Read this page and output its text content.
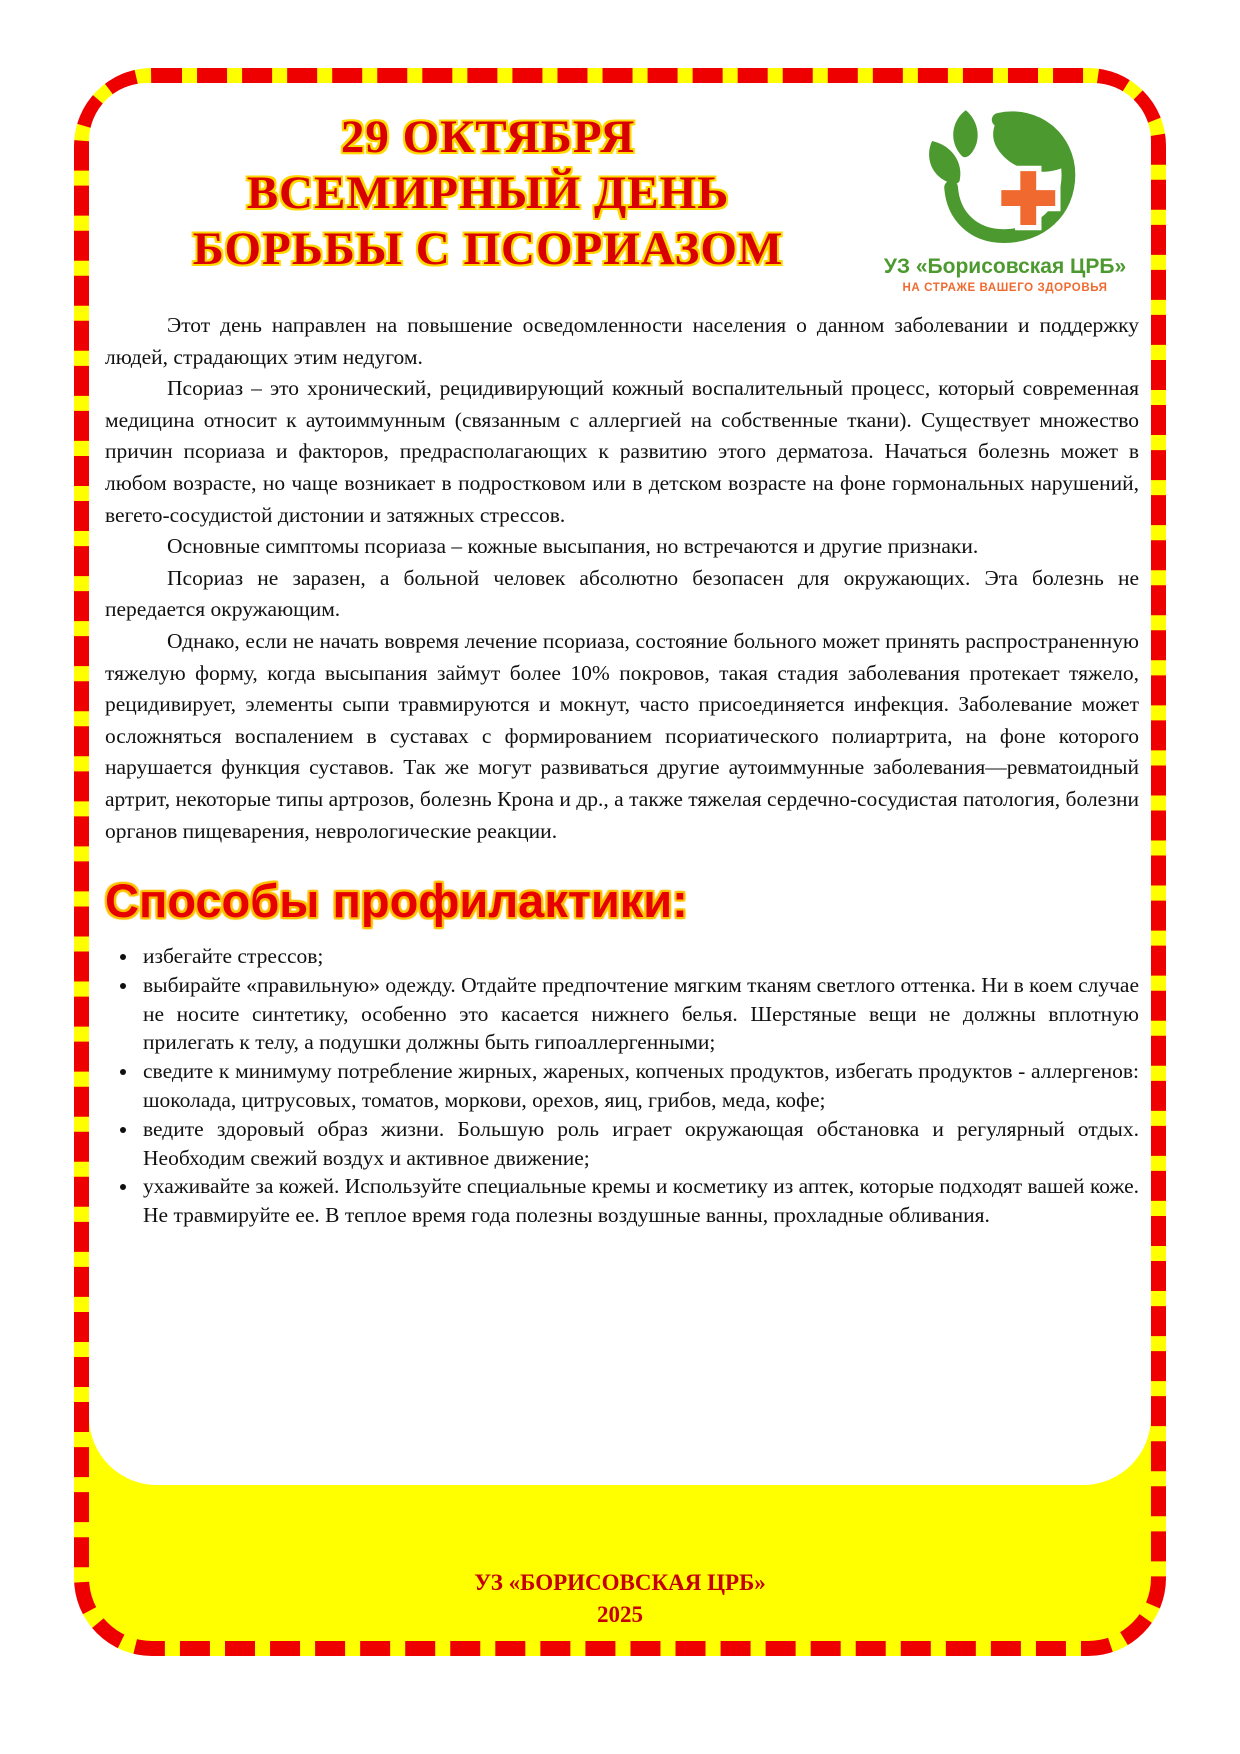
29 ОКТЯБРЯ
ВСЕМИРНЫЙ ДЕНЬ
БОРЬБЫ С ПСОРИАЗОМ	УЗ «Борисовская ЦРБ»
НА СТРАЖЕ ВАШЕГО ЗДОРОВЬЯ

Этот день направлен на повышение осведомленности населения о данном заболевании и поддержку людей, страдающих этим недугом.

Псориаз – это хронический, рецидивирующий кожный воспалительный процесс, который современная медицина относит к аутоиммунным (связанным с аллергией на собственные ткани). Существует множество причин псориаза и факторов, предрасполагающих к развитию этого дерматоза. Начаться болезнь может в любом возрасте, но чаще возникает в подростковом или в детском возрасте на фоне гормональных нарушений, вегето-сосудистой дистонии и затяжных стрессов.

Основные симптомы псориаза – кожные высыпания, но встречаются и другие признаки.

Псориаз не заразен, а больной человек абсолютно безопасен для окружающих. Эта болезнь не передается окружающим.

Однако, если не начать вовремя лечение псориаза, состояние больного может принять распространенную тяжелую форму, когда высыпания займут более 10% покровов, такая стадия заболевания протекает тяжело, рецидивирует, элементы сыпи травмируются и мокнут, часто присоединяется инфекция. Заболевание может осложняться воспалением в суставах с формированием псориатического полиартрита, на фоне которого нарушается функция суставов. Так же могут развиваться другие аутоиммунные заболевания—ревматоидный артрит, некоторые типы артрозов, болезнь Крона и др., а также тяжелая сердечно-сосудистая патология, болезни органов пищеварения, неврологические реакции.

Способы профилактики:
• избегайте стрессов;
• выбирайте «правильную» одежду. Отдайте предпочтение мягким тканям светлого оттенка. Ни в коем случае не носите синтетику, особенно это касается нижнего белья. Шерстяные вещи не должны вплотную прилегать к телу, а подушки должны быть гипоаллергенными;
• сведите к минимуму потребление жирных, жареных, копченых продуктов, избегать продуктов - аллергенов: шоколада, цитрусовых, томатов, моркови, орехов, яиц, грибов, меда, кофе;
• ведите здоровый образ жизни. Большую роль играет окружающая обстановка и регулярный отдых. Необходим свежий воздух и активное движение;
• ухаживайте за кожей. Используйте специальные кремы и косметику из аптек, которые подходят вашей коже. Не травмируйте ее. В теплое время года полезны воздушные ванны, прохладные обливания.
УЗ «БОРИСОВСКАЯ ЦРБ»
2025
